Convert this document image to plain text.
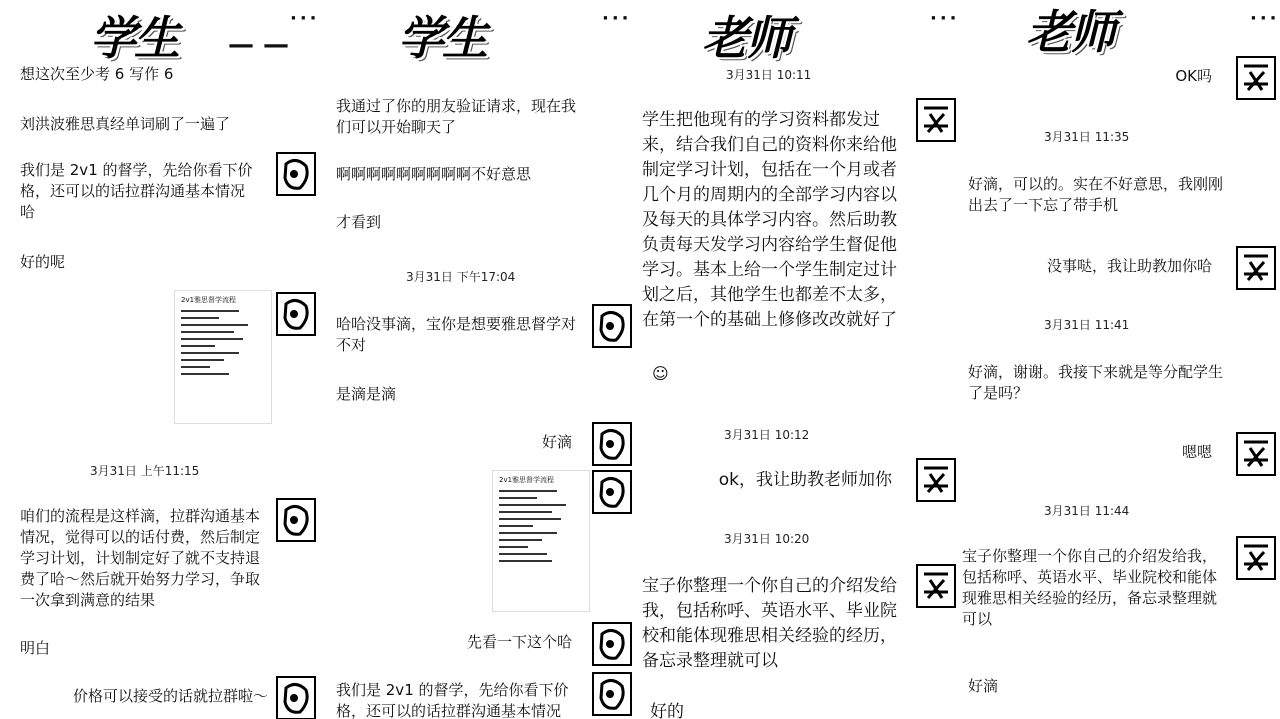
学生 — —
···
想这次至少考 6 写作 6
刘洪波雅思真经单词刷了一遍了
我们是 2v1 的督学，先给你看下价格，还可以的话拉群沟通基本情况哈
好的呢
2v1雅思督学流程
3月31日 上午11:15
咱们的流程是这样滴，拉群沟通基本情况，觉得可以的话付费，然后制定学习计划，计划制定好了就不支持退费了哈～然后就开始努力学习，争取一次拿到满意的结果
明白
价格可以接受的话就拉群啦～
学生	···
我通过了你的朋友验证请求，现在我们可以开始聊天了
啊啊啊啊啊啊啊啊啊不好意思
才看到
3月31日 下午17:04
哈哈没事滴，宝你是想要雅思督学对不对
是滴是滴
好滴
2v1雅思督学流程
先看一下这个哈
我们是 2v1 的督学，先给你看下价格，还可以的话拉群沟通基本情况
老师	···
3月31日 10:11
学生把他现有的学习资料都发过来，结合我们自己的资料你来给他制定学习计划，包括在一个月或者几个月的周期内的全部学习内容以及每天的具体学习内容。然后助教负责每天发学习内容给学生督促他学习。基本上给一个学生制定过计划之后，其他学生也都差不太多，在第一个的基础上修修改改就好了
☺
3月31日 10:12
ok，我让助教老师加你
3月31日 10:20
宝子你整理一个你自己的介绍发给我，包括称呼、英语水平、毕业院校和能体现雅思相关经验的经历，备忘录整理就可以
好的
老师	···
OK吗
3月31日 11:35
好滴，可以的。实在不好意思，我刚刚出去了一下忘了带手机
没事哒，我让助教加你哈
3月31日 11:41
好滴，谢谢。我接下来就是等分配学生了是吗？
嗯嗯
3月31日 11:44
宝子你整理一个你自己的介绍发给我，包括称呼、英语水平、毕业院校和能体现雅思相关经验的经历，备忘录整理就可以
好滴
